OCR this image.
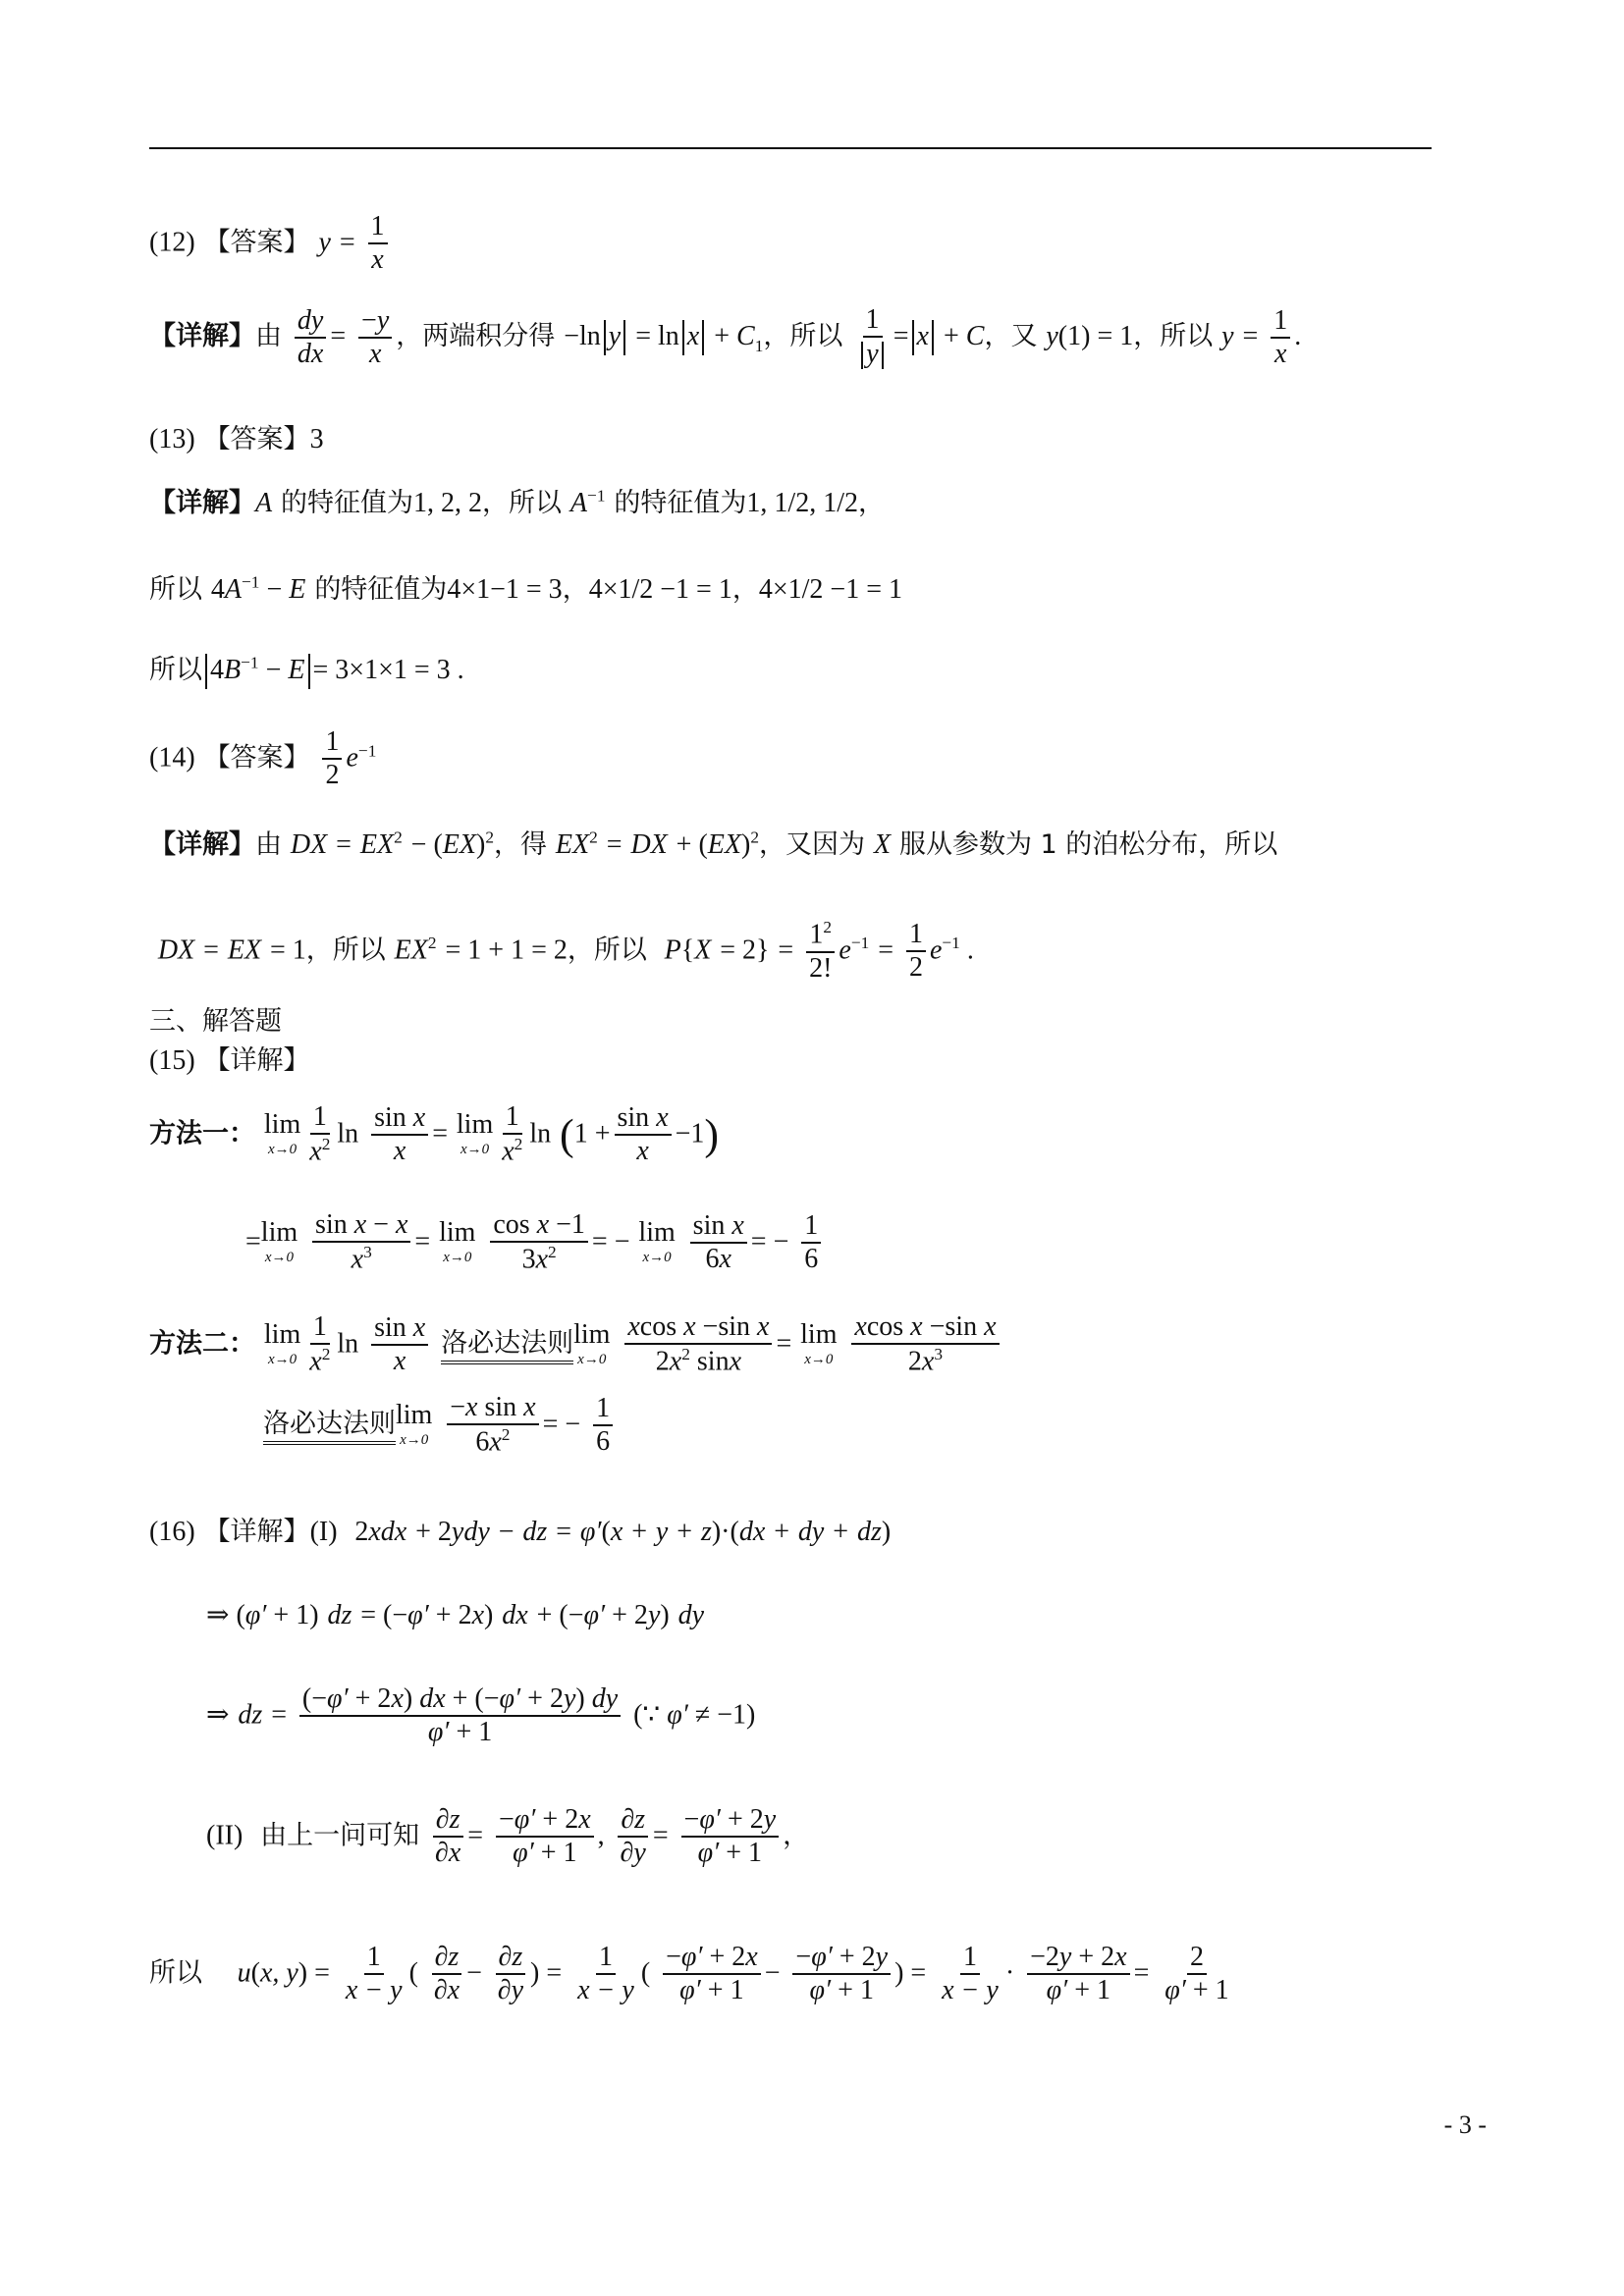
(12) 【答案】 $y = \frac{1}{x}$
【详解】由 $\frac{dy}{dx} = \frac{-y}{x}$ ，两端积分得 −ln $y = \ln x + C_1$，所以 $\frac{1}{y} = x + C$，又 y(1) = 1，所以 $y = \frac{1}{x}$ .
(13) 【答案】3
【详解】A 的特征值为1, 2, 2，所以 $A^{-1}$ 的特征值为1, 1/2, 1/2，
所以 $4A^{-1} - E$ 的特征值为4×1−1 = 3，4×1/2 −1 = 1，4×1/2 −1 = 1
所以 $4B^{-1} - E = 3\times 1\times 1 = 3$ .
(14) 【答案】 $\frac{1}{2} e^{-1}$
【详解】由 DX = $EX^2 - (EX)^2$，得 $EX^2$ = DX + (EX)$^2$，又因为 X 服从参数为 1 的泊松分布，所以
DX = EX = 1，所以 $EX^2 = 1 + 1 = 2$，所以 $P\{X = 2\} = \frac{1^2}{2!} e^{-1} = \frac{1}{2} e^{-1}$ .
三、解答题
(15) 【详解】
方法一： lim
$x\to 0 \frac{1}{x^2}$ $\ln \frac{\text{sin x}}{x} = \lim$
$x\to 0 \frac{1}{x^2}$ $\ln (1 + \frac{\text{sin x}}{x} -1)$
= lim
x→0
$\frac{\text{sin x − x}}{x^3} = \lim$
x→0
$\frac{\text{cos x −1}}{3x^2}$ = − lim
x→0
$\frac{\text{sin x}}{6x}$ = − $\frac{1}{6}$
方法二： lim
$x\to 0 \frac{1}{x^2}$ $\ln \frac{\text{sin x}}{x}$ 洛必达法则 lim
x→0
$\frac{\text{xcos x −sin x}}{2x^2 \sin x} = \lim$
x→0
$\frac{\text{xcos x −sin x}}{2x^3}$
洛必达法则 lim
x→0
$\frac{\text{−x sin x}}{6x^2}$ = − $\frac{1}{6}$
(16) 【详解】(I) 2xdx + 2ydy − dz = φ′(x + y + z)·(dx + dy + dz)
⇒ (φ′ + 1) dz = (−φ′ + 2x) dx + (−φ′ + 2y) dy
⇒ dz = $\frac{(-\varphi' + 2x) dx + (-\varphi' + 2y) dy}{\varphi' + 1}$ (∵ φ′ ≠ −1)
(II) 由上一问可知 $\frac{\partial z}{\partial x} = \frac{-\varphi' + 2x}{\varphi' + 1}$ , $\frac{\partial z}{\partial y} = \frac{-\varphi' + 2y}{\varphi' + 1}$ ，
所以 u(x, $y) = \frac{1}{x - y}$ ( $\frac{\partial z}{\partial x} - \frac{\partial z}{\partial y}$ ) = $\frac{1}{x - y}$ ( $\frac{-\varphi' + 2x}{\varphi' + 1} - \frac{-\varphi' + 2y}{\varphi' + 1}$ ) = $\frac{1}{x - y} \cdot \frac{-2y + 2x}{\varphi' + 1} = \frac{2}{\varphi' + 1}$
- 3 -
